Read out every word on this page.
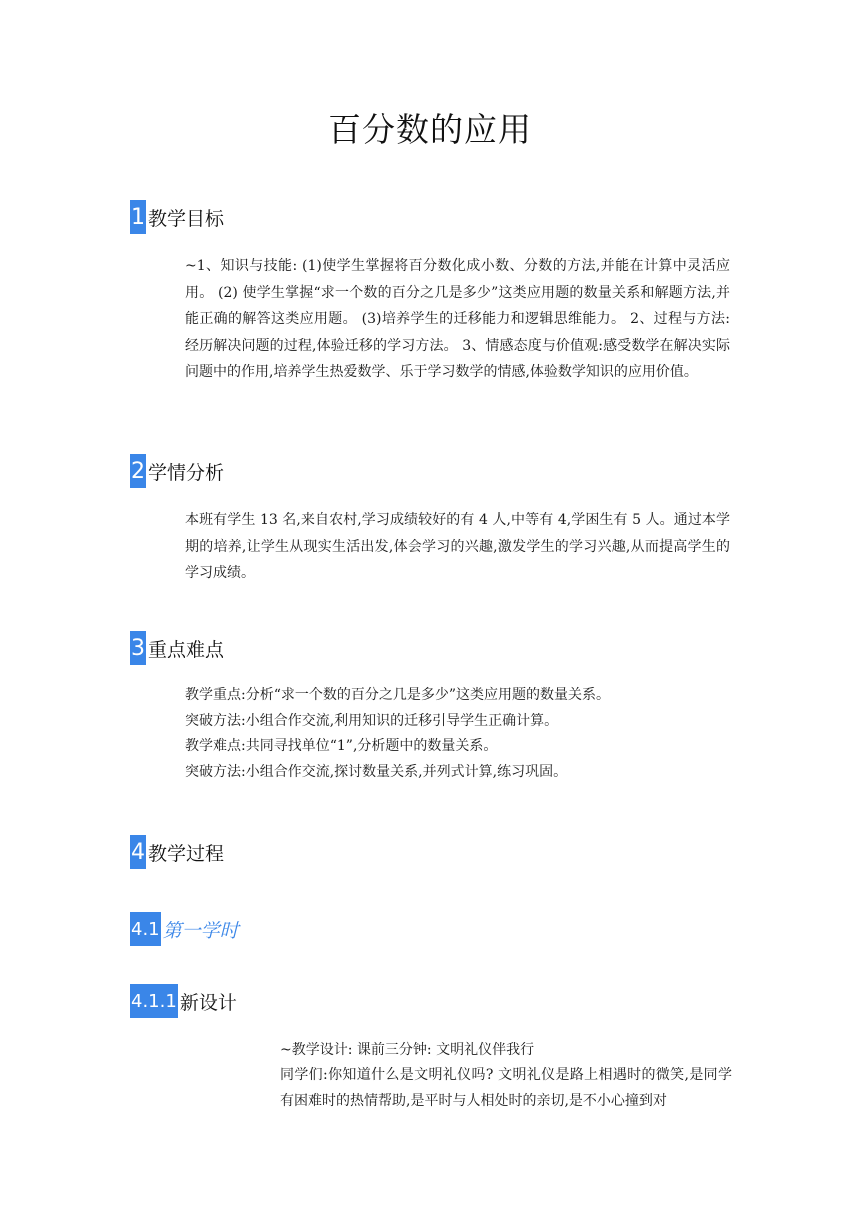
百分数的应用
1 教学目标

~1、知识与技能: (1)使学生掌握将百分数化成小数、分数的方法,并能在计算中灵活应用。 (2) 使学生掌握“求一个数的百分之几是多少”这类应用题的数量关系和解题方法,并能正确的解答这类应用题。 (3)培养学生的迁移能力和逻辑思维能力。 2、过程与方法:经历解决问题的过程,体验迁移的学习方法。 3、情感态度与价值观:感受数学在解决实际问题中的作用,培养学生热爱数学、乐于学习数学的情感,体验数学知识的应用价值。

2 学情分析

本班有学生 13 名,来自农村,学习成绩较好的有 4 人,中等有 4,学困生有 5 人。通过本学期的培养,让学生从现实生活出发,体会学习的兴趣,激发学生的学习兴趣,从而提高学生的学习成绩。

3 重点难点
教学重点:分析“求一个数的百分之几是多少”这类应用题的数量关系。
突破方法:小组合作交流,利用知识的迁移引导学生正确计算。
教学难点:共同寻找单位“1”,分析题中的数量关系。
突破方法:小组合作交流,探讨数量关系,并列式计算,练习巩固。
4 教学过程
4.1 第一学时
4.1.1 新设计
~教学设计: 课前三分钟: 文明礼仪伴我行

同学们:你知道什么是文明礼仪吗? 文明礼仪是路上相遇时的微笑,是同学有困难时的热情帮助,是平时与人相处时的亲切,是不小心撞到对
